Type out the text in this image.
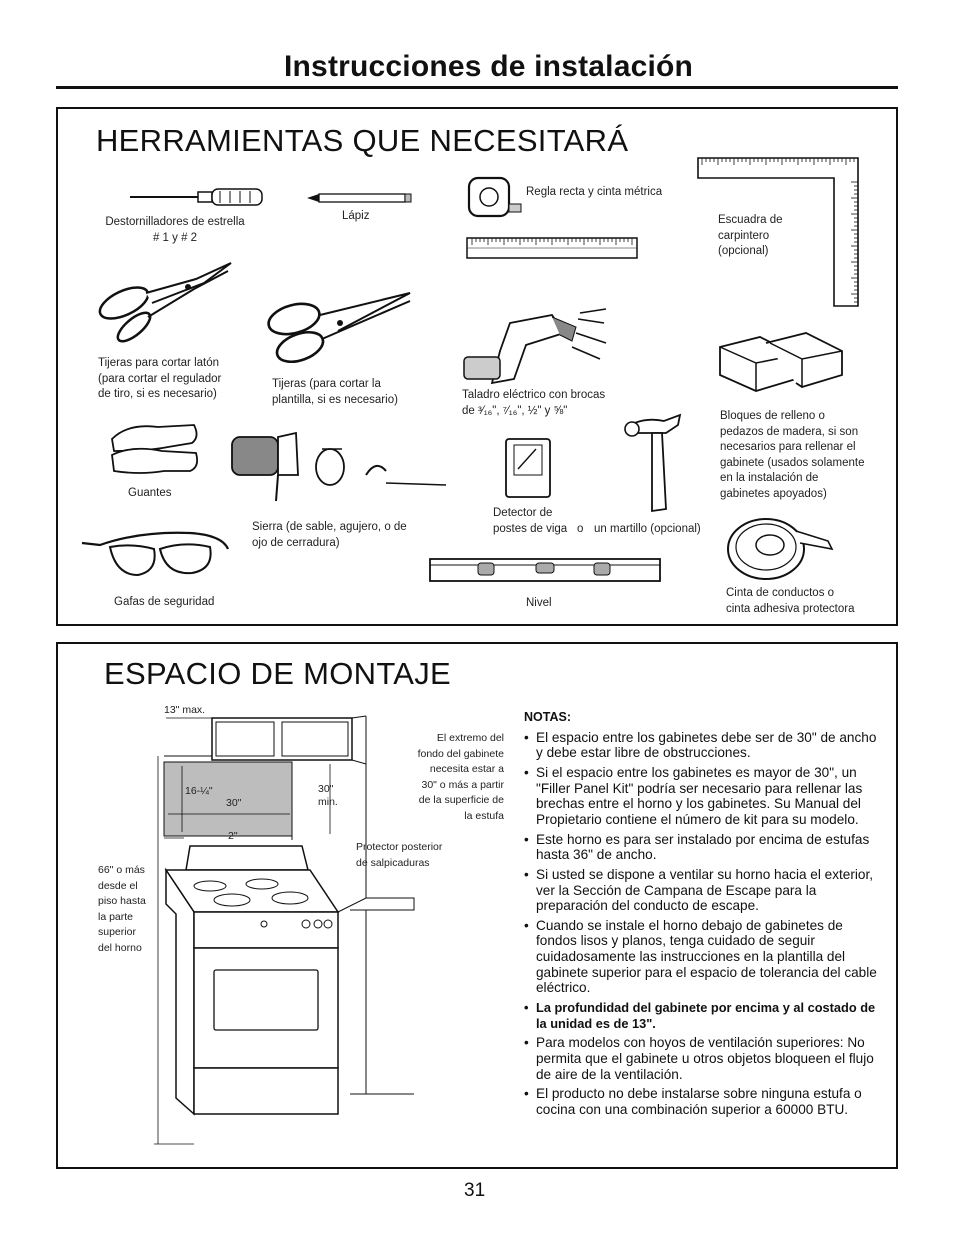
Instrucciones de instalación
HERRAMIENTAS QUE NECESITARÁ
Destornilladores de estrella
# 1 y # 2
Lápiz
Regla recta y cinta métrica
Escuadra de
carpintero
(opcional)
Tijeras para cortar latón
(para cortar el regulador
de tiro, si es necesario)
Tijeras (para cortar la
plantilla, si es necesario)	Taladro eléctrico con brocas
de ³⁄₁₆", ⁷⁄₁₆", ½" y ⅝"	Bloques de relleno o
pedazos de madera, si son
necesarios para rellenar el
gabinete (usados solamente
en la instalación de
gabinetes apoyados)
Guantes
Sierra (de sable, agujero, o de
ojo de cerradura)
Detector de
postes de viga o un martillo (opcional)
Gafas de seguridad	Nivel
Cinta de conductos o
cinta adhesiva protectora
ESPACIO DE MONTAJE
13" max.
16-¼"
30"
30"
min.
2"
El extremo del
fondo del gabinete
necesita estar a
30" o más a partir
de la superficie de
la estufa
Protector posterior
de salpicaduras
66" o más
desde el
piso hasta
la parte
superior
del horno
NOTAS:
• El espacio entre los gabinetes debe ser de 30" de ancho y debe estar libre de obstrucciones.
• Si el espacio entre los gabinetes es mayor de 30", un "Filler Panel Kit" podría ser necesario para rellenar las brechas entre el horno y los gabinetes. Su Manual del Propietario contiene el número de kit para su modelo.
• Este horno es para ser instalado por encima de estufas hasta 36" de ancho.
• Si usted se dispone a ventilar su horno hacia el exterior, ver la Sección de Campana de Escape para la preparación del conducto de escape.
• Cuando se instale el horno debajo de gabinetes de fondos lisos y planos, tenga cuidado de seguir cuidadosamente las instrucciones en la plantilla del gabinete superior para el espacio de tolerancia del cable eléctrico.
• La profundidad del gabinete por encima y al costado de la unidad es de 13".
• Para modelos con hoyos de ventilación superiores: No permita que el gabinete u otros objetos bloqueen el flujo de aire de la ventilación.
• El producto no debe instalarse sobre ninguna estufa o cocina con una combinación superior a 60000 BTU.
31
